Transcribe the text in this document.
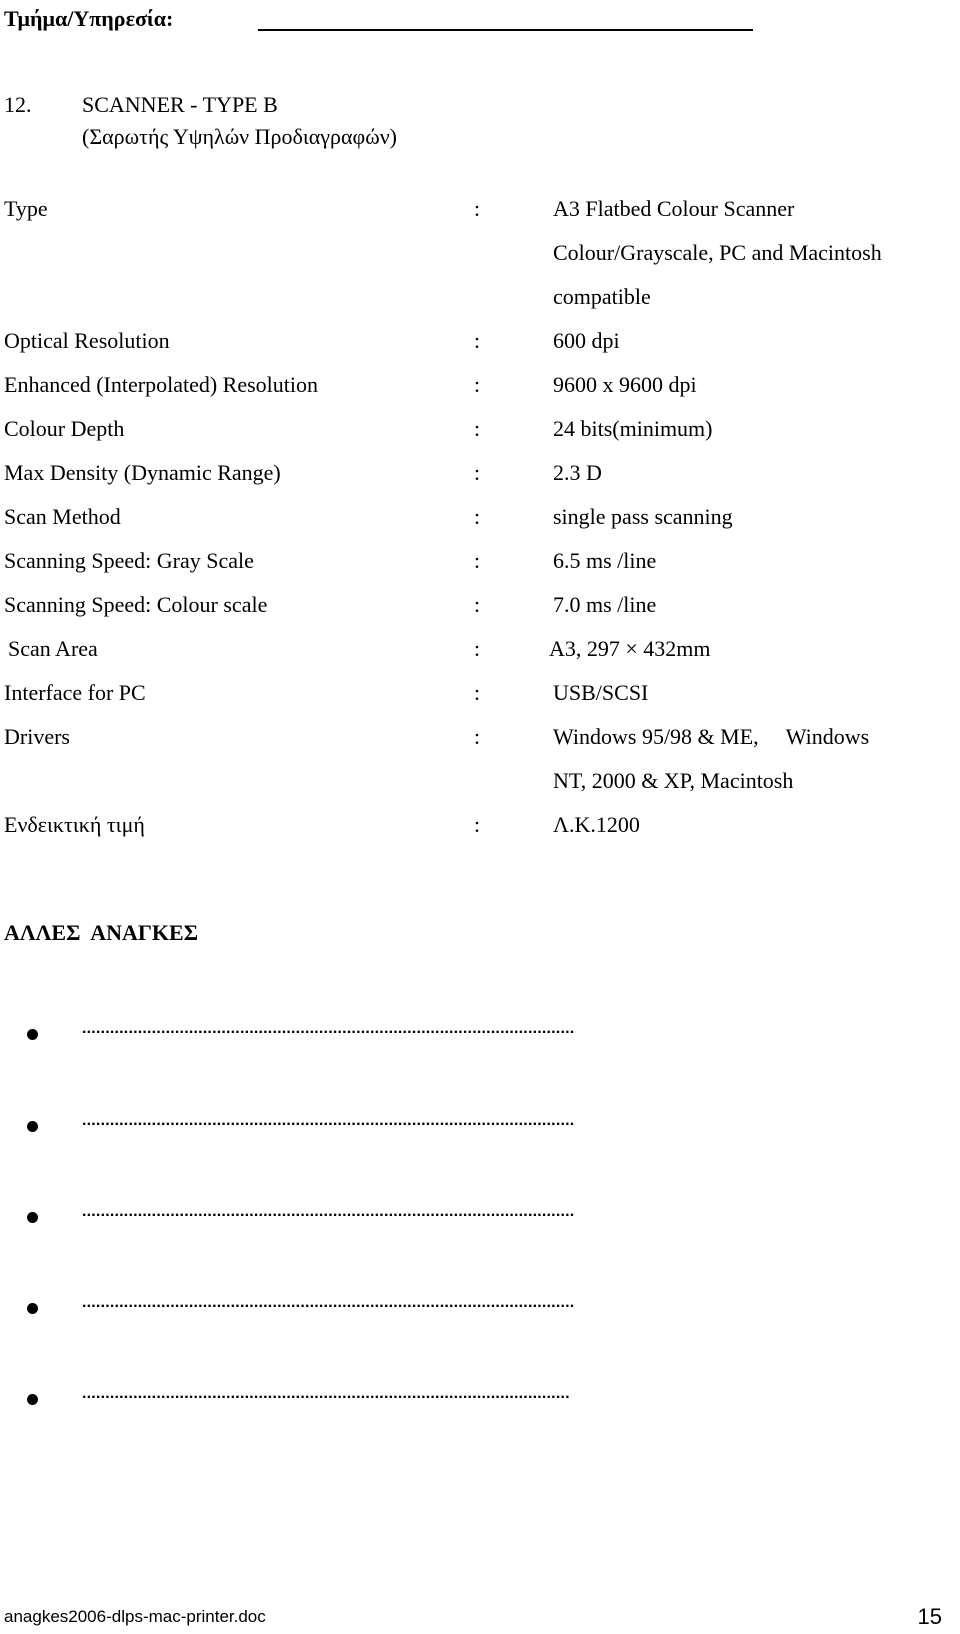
Τμήμα/Υπηρεσία:
12. SCANNER - TYPE B
(Σαρωτής Υψηλών Προδιαγραφών)
Type	:	A3 Flatbed Colour Scanner
Colour/Grayscale, PC and Macintosh
compatible
Optical Resolution	:	600 dpi
Enhanced (Interpolated) Resolution	:	9600 x 9600 dpi
Colour Depth	:	24 bits(minimum)
Max Density (Dynamic Range)	:	2.3 D
Scan Method	:	single pass scanning
Scanning Speed: Gray Scale	:	6.5 ms /line
Scanning Speed: Colour scale	:	7.0 ms /line
Scan Area	:	A3, 297 × 432mm
Interface for PC	:	USB/SCSI
Drivers	:	Windows 95/98 & ME,     Windows
NT, 2000 & XP, Macintosh
Ενδεικτική τιμή	:	Λ.Κ.1200
ΑΛΛΕΣ  ΑΝΑΓΚΕΣ
..........................................................................................................
..........................................................................................................
..........................................................................................................
..........................................................................................................
.........................................................................................................
anagkes2006-dlps-mac-printer.doc	15
